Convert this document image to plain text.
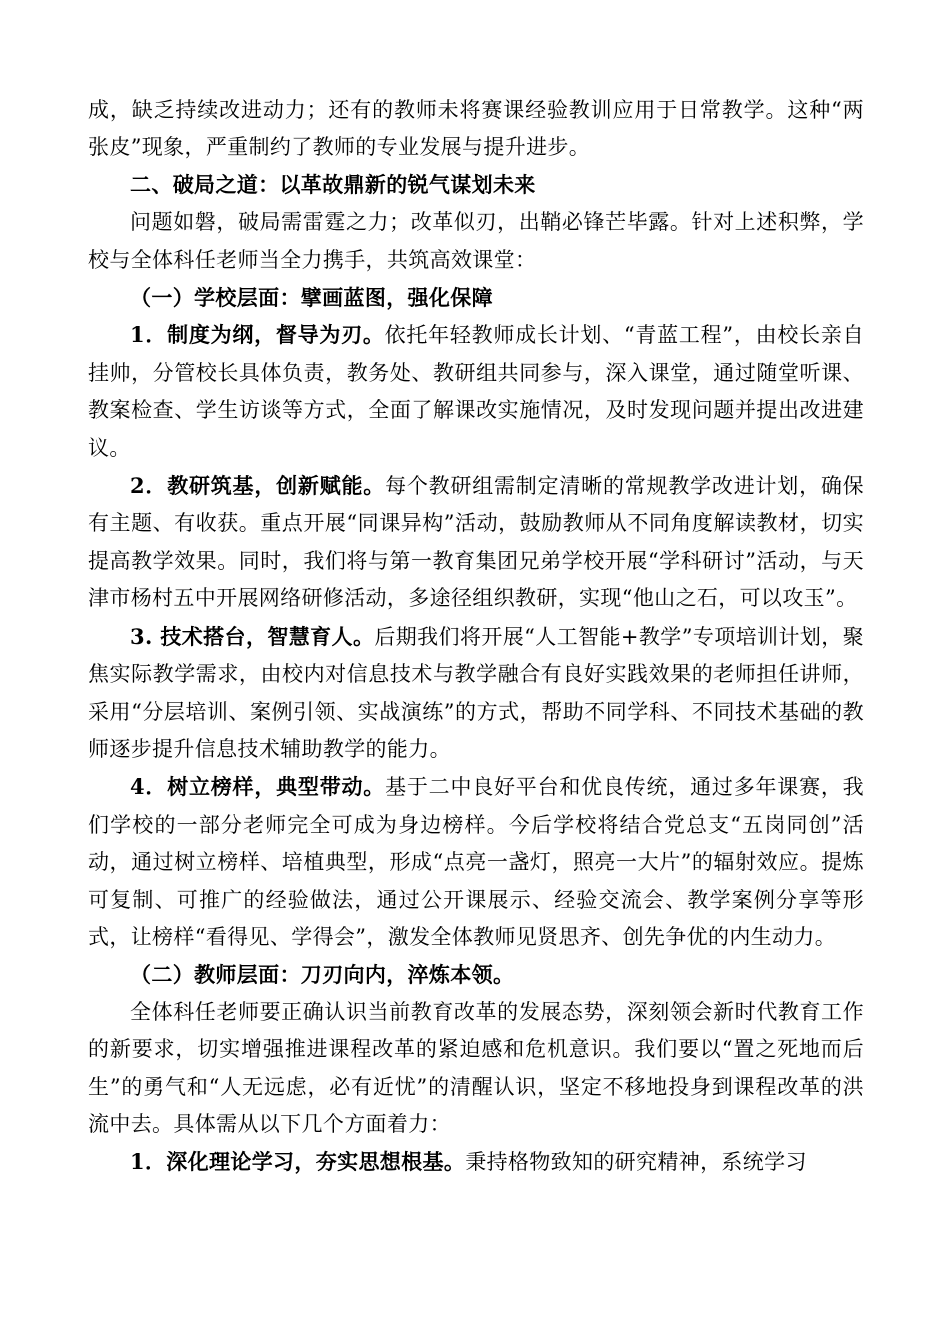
成，缺乏持续改进动力；还有的教师未将赛课经验教训应用于日常教学。这种“两张皮”现象，严重制约了教师的专业发展与提升进步。

二、破局之道：以革故鼎新的锐气谋划未来

问题如磐，破局需雷霆之力；改革似刃，出鞘必锋芒毕露。针对上述积弊，学校与全体科任老师当全力携手，共筑高效课堂：

（一）学校层面：擘画蓝图，强化保障

1．制度为纲，督导为刃。依托年轻教师成长计划、“青蓝工程”，由校长亲自挂帅，分管校长具体负责，教务处、教研组共同参与，深入课堂，通过随堂听课、教案检查、学生访谈等方式，全面了解课改实施情况，及时发现问题并提出改进建议。

2．教研筑基，创新赋能。每个教研组需制定清晰的常规教学改进计划，确保有主题、有收获。重点开展“同课异构”活动，鼓励教师从不同角度解读教材，切实提高教学效果。同时，我们将与第一教育集团兄弟学校开展“学科研讨”活动，与天津市杨村五中开展网络研修活动，多途径组织教研，实现“他山之石，可以攻玉”。

3. 技术搭台，智慧育人。后期我们将开展“人工智能+教学”专项培训计划，聚焦实际教学需求，由校内对信息技术与教学融合有良好实践效果的老师担任讲师，采用“分层培训、案例引领、实战演练”的方式，帮助不同学科、不同技术基础的教师逐步提升信息技术辅助教学的能力。

4．树立榜样，典型带动。基于二中良好平台和优良传统，通过多年课赛，我们学校的一部分老师完全可成为身边榜样。今后学校将结合党总支“五岗同创”活动，通过树立榜样、培植典型，形成“点亮一盏灯，照亮一大片”的辐射效应。提炼可复制、可推广的经验做法，通过公开课展示、经验交流会、教学案例分享等形式，让榜样“看得见、学得会”，激发全体教师见贤思齐、创先争优的内生动力。

（二）教师层面：刀刃向内，淬炼本领。

全体科任老师要正确认识当前教育改革的发展态势，深刻领会新时代教育工作的新要求，切实增强推进课程改革的紧迫感和危机意识。我们要以“置之死地而后生”的勇气和“人无远虑，必有近忧”的清醒认识，坚定不移地投身到课程改革的洪流中去。具体需从以下几个方面着力：

1．深化理论学习，夯实思想根基。秉持格物致知的研究精神，系统学习
